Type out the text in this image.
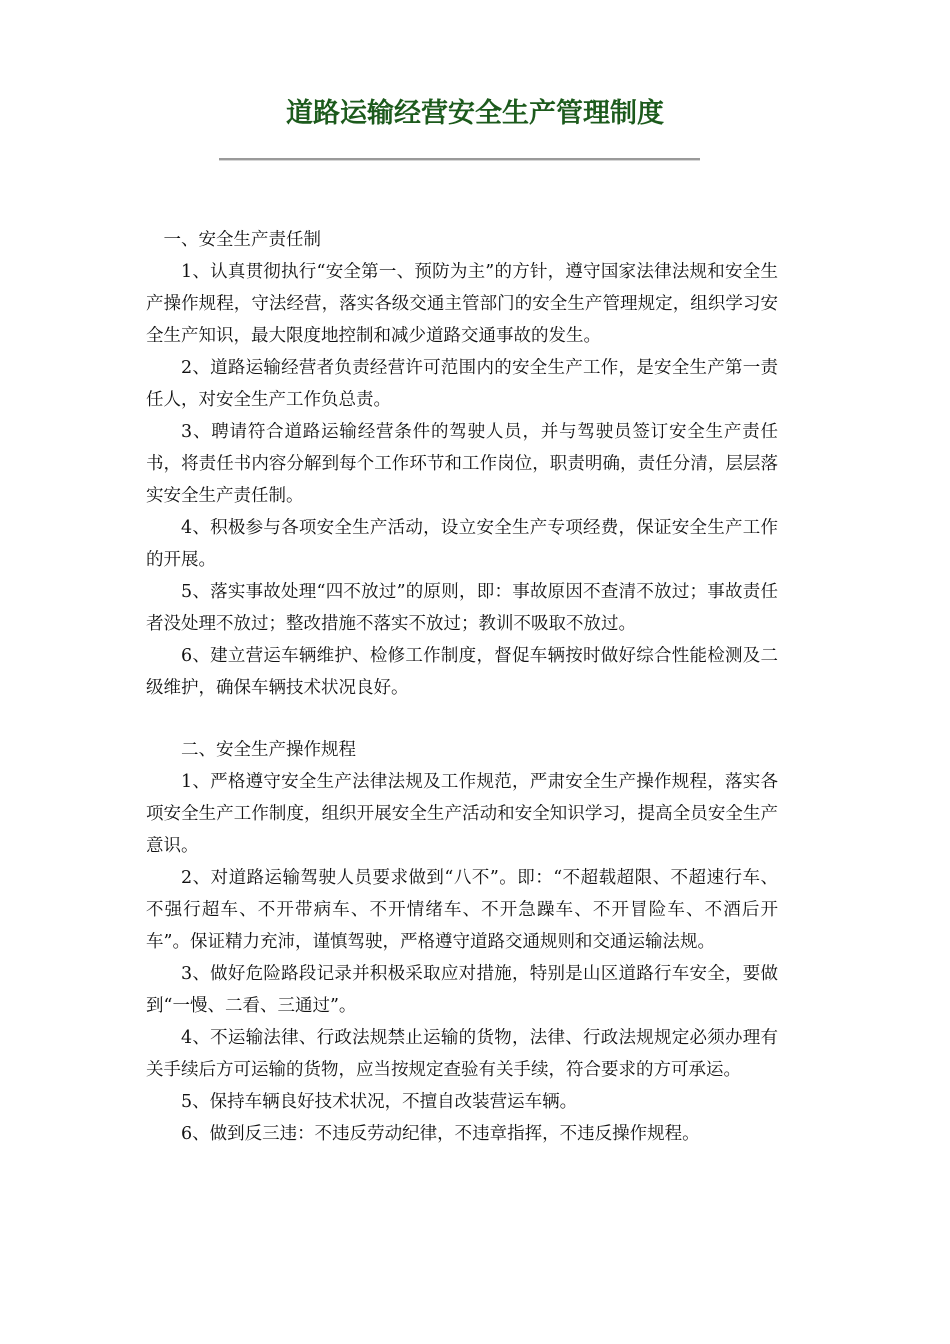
道路运输经营安全生产管理制度

一、安全生产责任制

1、认真贯彻执行“安全第一、预防为主”的方针，遵守国家法律法规和安全生产操作规程，守法经营，落实各级交通主管部门的安全生产管理规定，组织学习安全生产知识，最大限度地控制和减少道路交通事故的发生。

2、道路运输经营者负责经营许可范围内的安全生产工作，是安全生产第一责任人，对安全生产工作负总责。

3、聘请符合道路运输经营条件的驾驶人员，并与驾驶员签订安全生产责任书，将责任书内容分解到每个工作环节和工作岗位，职责明确，责任分清，层层落实安全生产责任制。

4、积极参与各项安全生产活动，设立安全生产专项经费，保证安全生产工作的开展。

5、落实事故处理“四不放过”的原则，即：事故原因不查清不放过；事故责任者没处理不放过；整改措施不落实不放过；教训不吸取不放过。

6、建立营运车辆维护、检修工作制度，督促车辆按时做好综合性能检测及二级维护，确保车辆技术状况良好。

二、安全生产操作规程

1、严格遵守安全生产法律法规及工作规范，严肃安全生产操作规程，落实各项安全生产工作制度，组织开展安全生产活动和安全知识学习，提高全员安全生产意识。

2、对道路运输驾驶人员要求做到“八不”。即：“不超载超限、不超速行车、不强行超车、不开带病车、不开情绪车、不开急躁车、不开冒险车、不酒后开车”。保证精力充沛，谨慎驾驶，严格遵守道路交通规则和交通运输法规。

3、做好危险路段记录并积极采取应对措施，特别是山区道路行车安全，要做到“一慢、二看、三通过”。

4、不运输法律、行政法规禁止运输的货物，法律、行政法规规定必须办理有关手续后方可运输的货物，应当按规定查验有关手续，符合要求的方可承运。

5、保持车辆良好技术状况，不擅自改装营运车辆。

6、做到反三违：不违反劳动纪律，不违章指挥，不违反操作规程。
